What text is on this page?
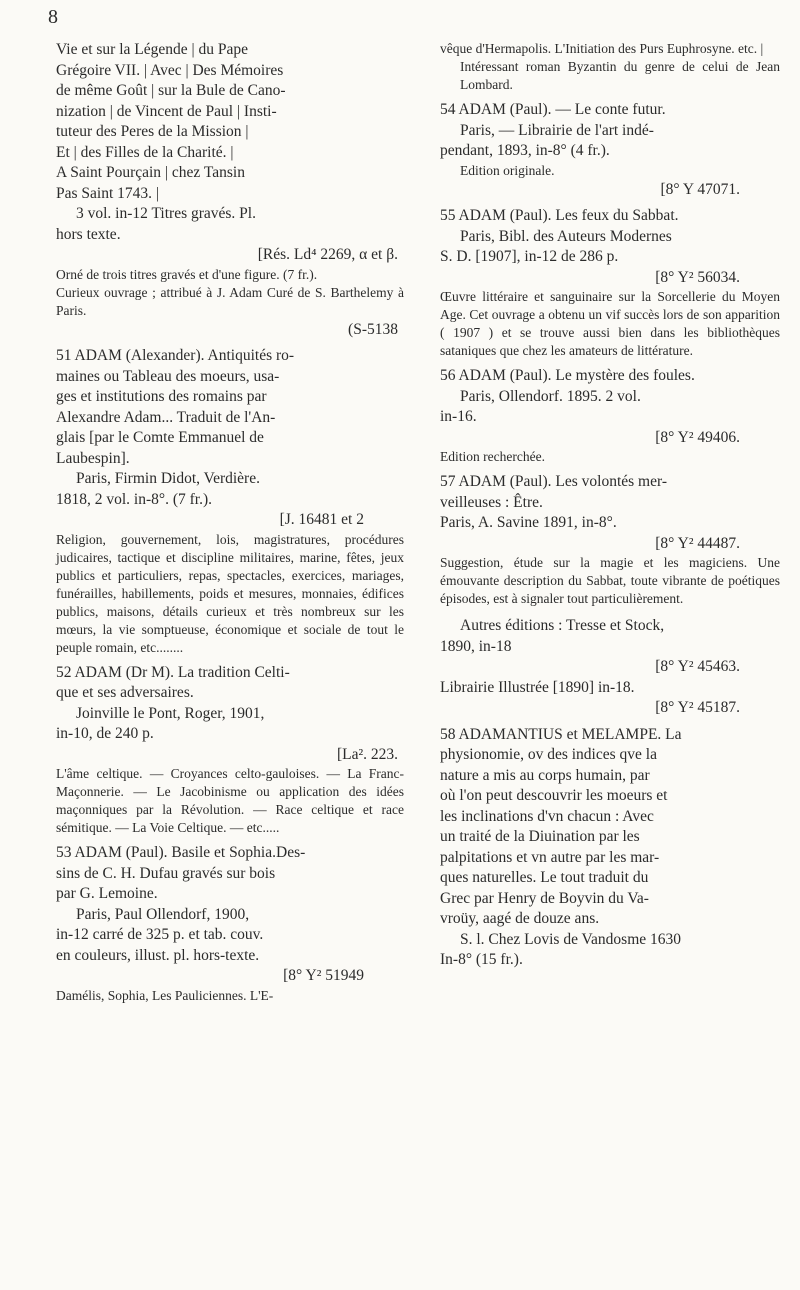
8

Vie et sur la Légende | du Pape

Grégoire VII. | Avec | Des Mémoires

de même Goût | sur la Bule de Cano-

nization | de Vincent de Paul | Insti-

tuteur des Peres de la Mission |

Et | des Filles de la Charité. |

A Saint Pourçain | chez Tansin

Pas Saint 1743. |

3 vol. in-12 Titres gravés. Pl.

hors texte.

[Rés. Ld⁴ 2269, α et β.

Orné de trois titres gravés et d'une figure. (7 fr.).

Curieux ouvrage ; attribué à J. Adam Curé de S. Barthelemy à Paris.

(S-5138

51 ADAM (Alexander). Antiquités ro-

maines ou Tableau des moeurs, usa-

ges et institutions des romains par

Alexandre Adam... Traduit de l'An-

glais [par le Comte Emmanuel de

Laubespin].

Paris, Firmin Didot, Verdière.

1818, 2 vol. in-8°. (7 fr.).

[J. 16481 et 2

Religion, gouvernement, lois, magistratures, procédures judicaires, tactique et discipline militaires, marine, fêtes, jeux publics et particuliers, repas, spectacles, exercices, mariages, funérailles, habillements, poids et mesures, monnaies, édifices publics, maisons, détails curieux et très nombreux sur les mœurs, la vie somptueuse, économique et sociale de tout le peuple romain, etc........

52 ADAM (Dr M). La tradition Celti-

que et ses adversaires.

Joinville le Pont, Roger, 1901,

in-10, de 240 p.

[La². 223.

L'âme celtique. — Croyances celto-gauloises. — La Franc-Maçonnerie. — Le Jacobinisme ou application des idées maçonniques par la Révolution. — Race celtique et race sémitique. — La Voie Celtique. — etc.....

53 ADAM (Paul). Basile et Sophia.Des-

sins de C. H. Dufau gravés sur bois

par G. Lemoine.

Paris, Paul Ollendorf, 1900,

in-12 carré de 325 p. et tab. couv.

en couleurs, illust. pl. hors-texte.

[8° Y² 51949

Damélis, Sophia, Les Pauliciennes. L'E-

vêque d'Hermapolis. L'Initiation des Purs Euphrosyne. etc. |

Intéressant roman Byzantin du genre de celui de Jean Lombard.

54 ADAM (Paul). — Le conte futur.

Paris, — Librairie de l'art indé-

pendant, 1893, in-8° (4 fr.).

Edition originale.

[8° Y 47071.

55 ADAM (Paul). Les feux du Sabbat.

Paris, Bibl. des Auteurs Modernes

S. D. [1907], in-12 de 286 p.

[8° Y² 56034.

Œuvre littéraire et sanguinaire sur la Sorcellerie du Moyen Age. Cet ouvrage a obtenu un vif succès lors de son apparition ( 1907 ) et se trouve aussi bien dans les bibliothèques sataniques que chez les amateurs de littérature.

56 ADAM (Paul). Le mystère des foules.

Paris, Ollendorf. 1895. 2 vol.

in-16.

[8° Y² 49406.

Edition recherchée.

57 ADAM (Paul). Les volontés mer-

veilleuses : Être.

Paris, A. Savine 1891, in-8°.

[8° Y² 44487.

Suggestion, étude sur la magie et les magiciens. Une émouvante description du Sabbat, toute vibrante de poétiques épisodes, est à signaler tout particulièrement.

Autres éditions : Tresse et Stock,

1890, in-18

[8° Y² 45463.

Librairie Illustrée [1890] in-18.

[8° Y² 45187.

58 ADAMANTIUS et MELAMPE. La

physionomie, ov des indices qve la

nature a mis au corps humain, par

où l'on peut descouvrir les moeurs et

les inclinations d'vn chacun : Avec

un traité de la Diuination par les

palpitations et vn autre par les mar-

ques naturelles. Le tout traduit du

Grec par Henry de Boyvin du Va-

vroüy, aagé de douze ans.

S. l. Chez Lovis de Vandosme 1630

In-8° (15 fr.).
